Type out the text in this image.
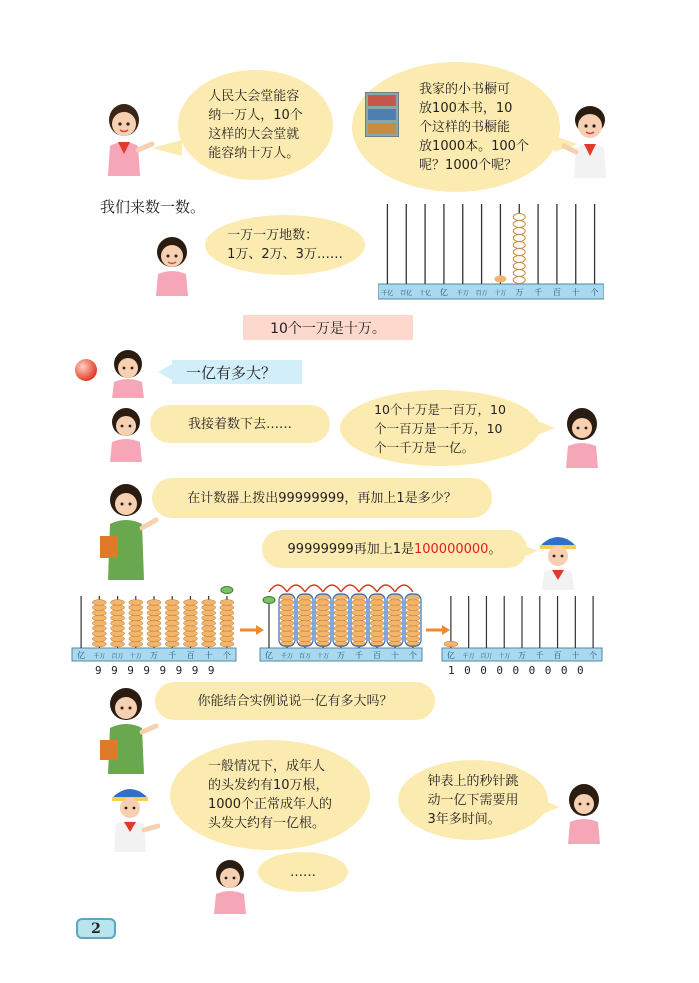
人民大会堂能容
纳一万人，10个
这样的大会堂就
能容纳十万人。
我家的小书橱可
放100本书，10
个这样的书橱能
放1000本。100个
呢？1000个呢？
我们来数一数。
一万一万地数：
1万、2万、3万……
千亿 百亿 十亿 亿 千万 百万 十万 万 千 百 十 个
10个一万是十万。
一亿有多大？
我接着数下去……
10个十万是一百万，10
个一百万是一千万，10
个一千万是一亿。
在计数器上拨出99999999，再加上1是多少？
99999999再加上1是100000000。
亿 千万 百万 十万 万 千 百 十 个	亿 千万 百万 十万 万 千 百 十 个	亿 千万 百万 十万 万 千 百 十 个
99999999	100000000
你能结合实例说说一亿有多大吗？
一般情况下，成年人
的头发约有10万根，
1000个正常成年人的
头发大约有一亿根。
钟表上的秒针跳
动一亿下需要用
3年多时间。
……
2
